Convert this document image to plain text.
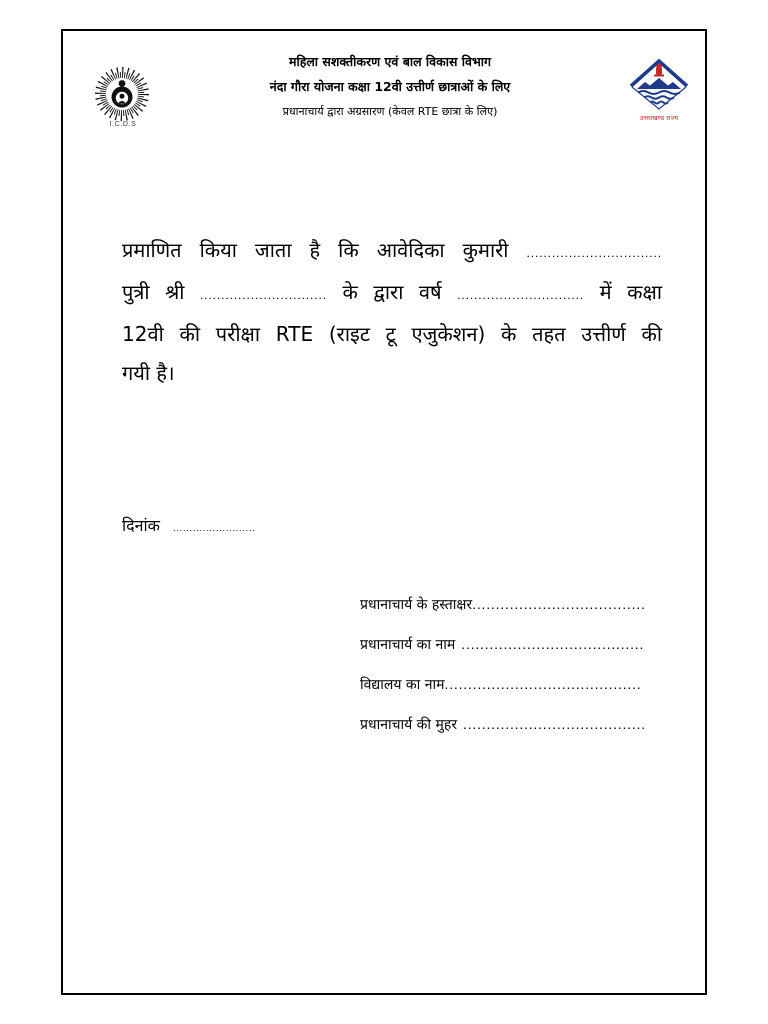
I.C.D.S
महिला सशक्तीकरण एवं बाल विकास विभाग
नंदा गौरा योजना कक्षा 12वी उत्तीर्ण छात्राओं के लिए
प्रधानाचार्य द्वारा अग्रसारण (केवल RTE छात्रा के लिए)	उत्तराखण्ड राज्य
प्रमाणित किया जाता है कि आवेदिका कुमारी ................................
पुत्री श्री .............................. के द्वारा वर्ष .............................. में कक्षा
12वी की परीक्षा RTE (राइट टू एजुकेशन) के तहत उत्तीर्ण की
गयी है।
दिनांक .........................
प्रधानाचार्य के हस्ताक्षर.....................................
प्रधानाचार्य का नाम .......................................
विद्यालय का नाम..........................................
प्रधानाचार्य की मुहर .......................................
